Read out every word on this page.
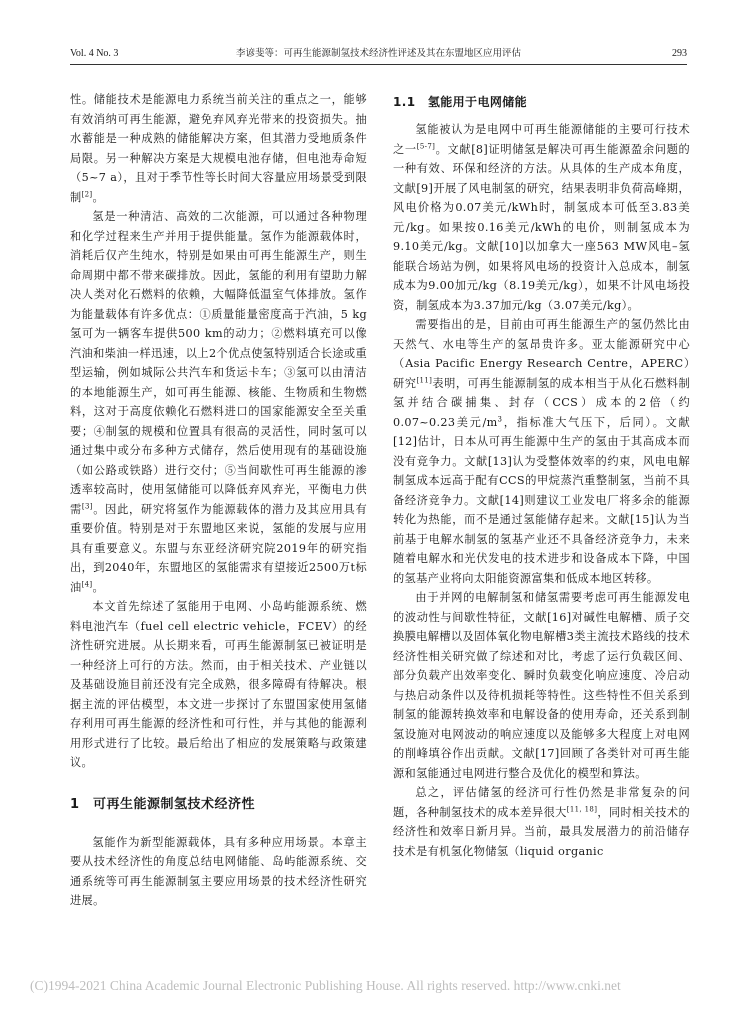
Vol. 4 No. 3	李谚斐等：可再生能源制氢技术经济性评述及其在东盟地区应用评估	293

性。储能技术是能源电力系统当前关注的重点之一，能够有效消纳可再生能源，避免弃风弃光带来的投资损失。抽水蓄能是一种成熟的储能解决方案，但其潜力受地质条件局限。另一种解决方案是大规模电池存储，但电池寿命短（5~7 a），且对于季节性等长时间大容量应用场景受到限制[2]。

氢是一种清洁、高效的二次能源，可以通过各种物理和化学过程来生产并用于提供能量。氢作为能源载体时，消耗后仅产生纯水，特别是如果由可再生能源生产，则生命周期中都不带来碳排放。因此，氢能的利用有望助力解决人类对化石燃料的依赖，大幅降低温室气体排放。氢作为能量载体有许多优点：①质量能量密度高于汽油，5 kg氢可为一辆客车提供500 km的动力；②燃料填充可以像汽油和柴油一样迅速，以上2个优点使氢特别适合长途或重型运输，例如城际公共汽车和货运卡车；③氢可以由清洁的本地能源生产，如可再生能源、核能、生物质和生物燃料，这对于高度依赖化石燃料进口的国家能源安全至关重要；④制氢的规模和位置具有很高的灵活性，同时氢可以通过集中或分布多种方式储存，然后使用现有的基础设施（如公路或铁路）进行交付；⑤当间歇性可再生能源的渗透率较高时，使用氢储能可以降低弃风弃光，平衡电力供需[3]。因此，研究将氢作为能源载体的潜力及其应用具有重要价值。特别是对于东盟地区来说，氢能的发展与应用具有重要意义。东盟与东亚经济研究院2019年的研究指出，到2040年，东盟地区的氢能需求有望接近2500万t标油[4]。

本文首先综述了氢能用于电网、小岛屿能源系统、燃料电池汽车（fuel cell electric vehicle，FCEV）的经济性研究进展。从长期来看，可再生能源制氢已被证明是一种经济上可行的方法。然而，由于相关技术、产业链以及基础设施目前还没有完全成熟，很多障碍有待解决。根据主流的评估模型，本文进一步探讨了东盟国家使用氢储存利用可再生能源的经济性和可行性，并与其他的能源利用形式进行了比较。最后给出了相应的发展策略与政策建议。

1　可再生能源制氢技术经济性

氢能作为新型能源载体，具有多种应用场景。本章主要从技术经济性的角度总结电网储能、岛屿能源系统、交通系统等可再生能源制氢主要应用场景的技术经济性研究进展。

1.1　氢能用于电网储能

氢能被认为是电网中可再生能源储能的主要可行技术之一[5-7]。文献[8]证明储氢是解决可再生能源盈余问题的一种有效、环保和经济的方法。从具体的生产成本角度，文献[9]开展了风电制氢的研究，结果表明非负荷高峰期，风电价格为0.07美元/kWh时，制氢成本可低至3.83美元/kg。如果按0.16美元/kWh的电价，则制氢成本为9.10美元/kg。文献[10]以加拿大一座563 MW风电–氢能联合场站为例，如果将风电场的投资计入总成本，制氢成本为9.00加元/kg（8.19美元/kg），如果不计风电场投资，制氢成本为3.37加元/kg（3.07美元/kg）。

需要指出的是，目前由可再生能源生产的氢仍然比由天然气、水电等生产的氢昂贵许多。亚太能源研究中心（Asia Pacific Energy Research Centre，APERC）研究[11]表明，可再生能源制氢的成本相当于从化石燃料制氢并结合碳捕集、封存（CCS）成本的2倍（约0.07~0.23美元$/m^3$，指标准大气压下，后同）。文献[12]估计，日本从可再生能源中生产的氢由于其高成本而没有竞争力。文献[13]认为受整体效率的约束，风电电解制氢成本远高于配有CCS的甲烷蒸汽重整制氢，当前不具备经济竞争力。文献[14]则建议工业发电厂将多余的能源转化为热能，而不是通过氢能储存起来。文献[15]认为当前基于电解水制氢的氢基产业还不具备经济竞争力，未来随着电解水和光伏发电的技术进步和设备成本下降，中国的氢基产业将向太阳能资源富集和低成本地区转移。

由于并网的电解制氢和储氢需要考虑可再生能源发电的波动性与间歇性特征，文献[16]对碱性电解槽、质子交换膜电解槽以及固体氧化物电解槽3类主流技术路线的技术经济性相关研究做了综述和对比，考虑了运行负载区间、部分负载产出效率变化、瞬时负载变化响应速度、冷启动与热启动条件以及待机损耗等特性。这些特性不但关系到制氢的能源转换效率和电解设备的使用寿命，还关系到制氢设施对电网波动的响应速度以及能够多大程度上对电网的削峰填谷作出贡献。文献[17]回顾了各类针对可再生能源和氢能通过电网进行整合及优化的模型和算法。

总之，评估储氢的经济可行性仍然是非常复杂的问题，各种制氢技术的成本差异很大[11, 18]，同时相关技术的经济性和效率日新月异。当前，最具发展潜力的前沿储存技术是有机氢化物储氢（liquid organic

(C)1994-2021 China Academic Journal Electronic Publishing House. All rights reserved. http://www.cnki.net
